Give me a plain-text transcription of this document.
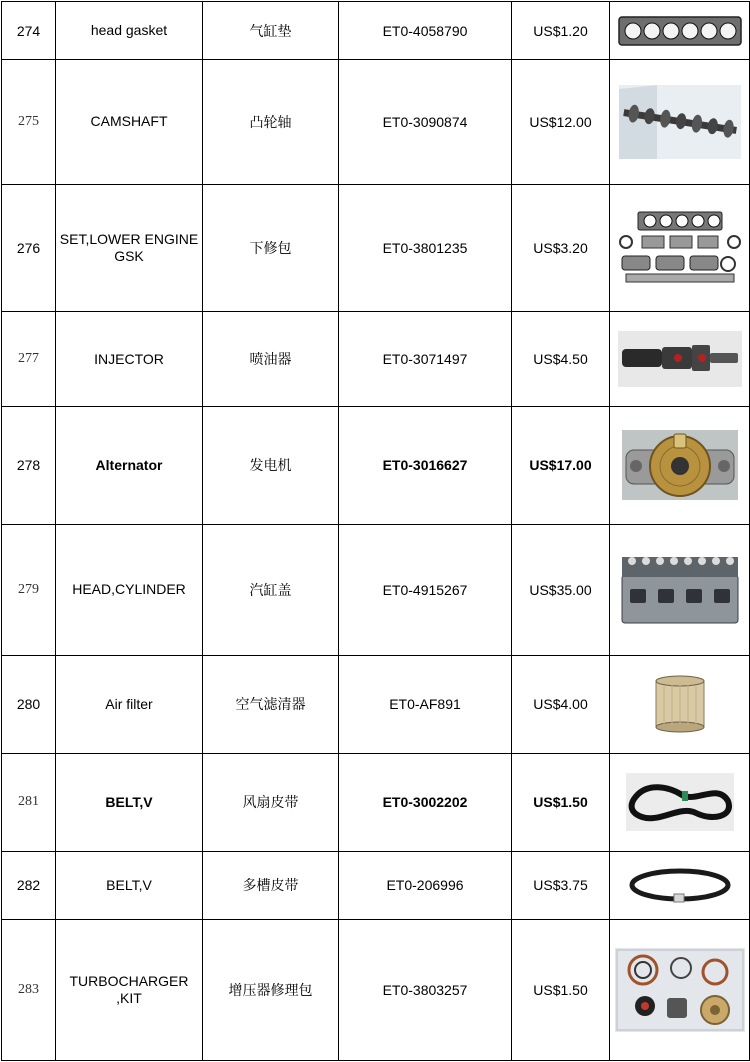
274	head gasket	气缸垫	ET0-4058790	US$1.20	

275	CAMSHAFT	凸轮轴	ET0-3090874	US$12.00	

276	SET,LOWER ENGINE GSK	下修包	ET0-3801235	US$3.20	

277	INJECTOR	喷油器	ET0-3071497	US$4.50	

278	Alternator	发电机	ET0-3016627	US$17.00	

279	HEAD,CYLINDER	汽缸盖	ET0-4915267	US$35.00	

280	Air filter	空气滤清器	ET0-AF891	US$4.00	

281	BELT,V	风扇皮带	ET0-3002202	US$1.50	

282	BELT,V	多槽皮带	ET0-206996	US$3.75	

283	TURBOCHARGER ,KIT	增压器修理包	ET0-3803257	US$1.50	
